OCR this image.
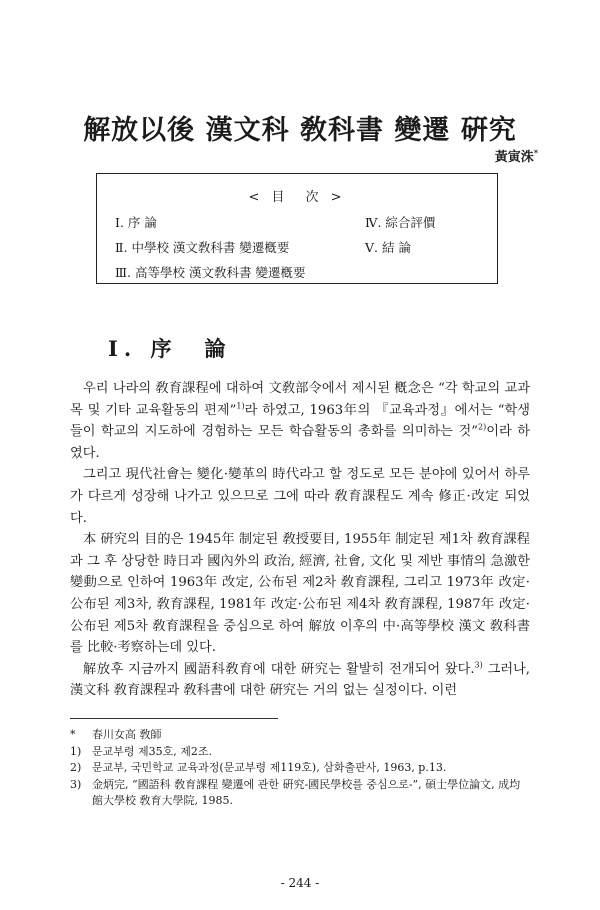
解放以後 漢文科 敎科書 變遷 硏究
黃寅洙*
< 目　次 >
Ⅰ. 序 論
Ⅱ. 中學校 漢文敎科書 變遷槪要
Ⅲ. 高等學校 漢文敎科書 變遷槪要
Ⅳ. 綜合評價
Ⅴ. 結 論
Ⅰ. 序　論

우리 나라의 敎育課程에 대하여 文敎部令에서 제시된 槪念은 “각 학교의 교과목 및 기타 교육활동의 편제”$^{1)}$라 하였고, 1963年의 『교육과정』에서는 “학생들이 학교의 지도하에 경험하는 모든 학습활동의 총화를 의미하는 것”$^{2)}$이라 하였다.

그리고 現代社會는 變化·變革의 時代라고 할 정도로 모든 분야에 있어서 하루가 다르게 성장해 나가고 있으므로 그에 따라 敎育課程도 계속 修正·改定 되었다.

本 硏究의 目的은 1945年 制定된 敎授要目, 1955年 制定된 제1차 敎育課程과 그 후 상당한 時日과 國內外의 政治, 經濟, 社會, 文化 및 제반 事情의 急激한 變動으로 인하여 1963年 改定, 公布된 제2차 敎育課程, 그리고 1973年 改定·公布된 제3차, 敎育課程, 1981年 改定·公布된 제4차 敎育課程, 1987年 改定·公布된 제5차 敎育課程을 중심으로 하여 解放 이후의 中·高等學校 漢文 敎科書를 比較·考察하는데 있다.

解放후 지금까지 國語科敎育에 대한 硏究는 활발히 전개되어 왔다.$^{3)}$ 그러나, 漢文科 敎育課程과 敎科書에 대한 硏究는 거의 없는 실정이다. 이런

* 春川女高 敎師
1) 문교부령 제35호, 제2조.
2) 문교부, 국민학교 교육과정(문교부령 제119호), 삼화출판사, 1963, p.13.
3) 金炳完, “國語科 敎育課程 變遷에 관한 硏究-國民學校를 중심으로-”, 碩士學位論文, 成均館大學校 敎育大學院, 1985.
- 244 -
